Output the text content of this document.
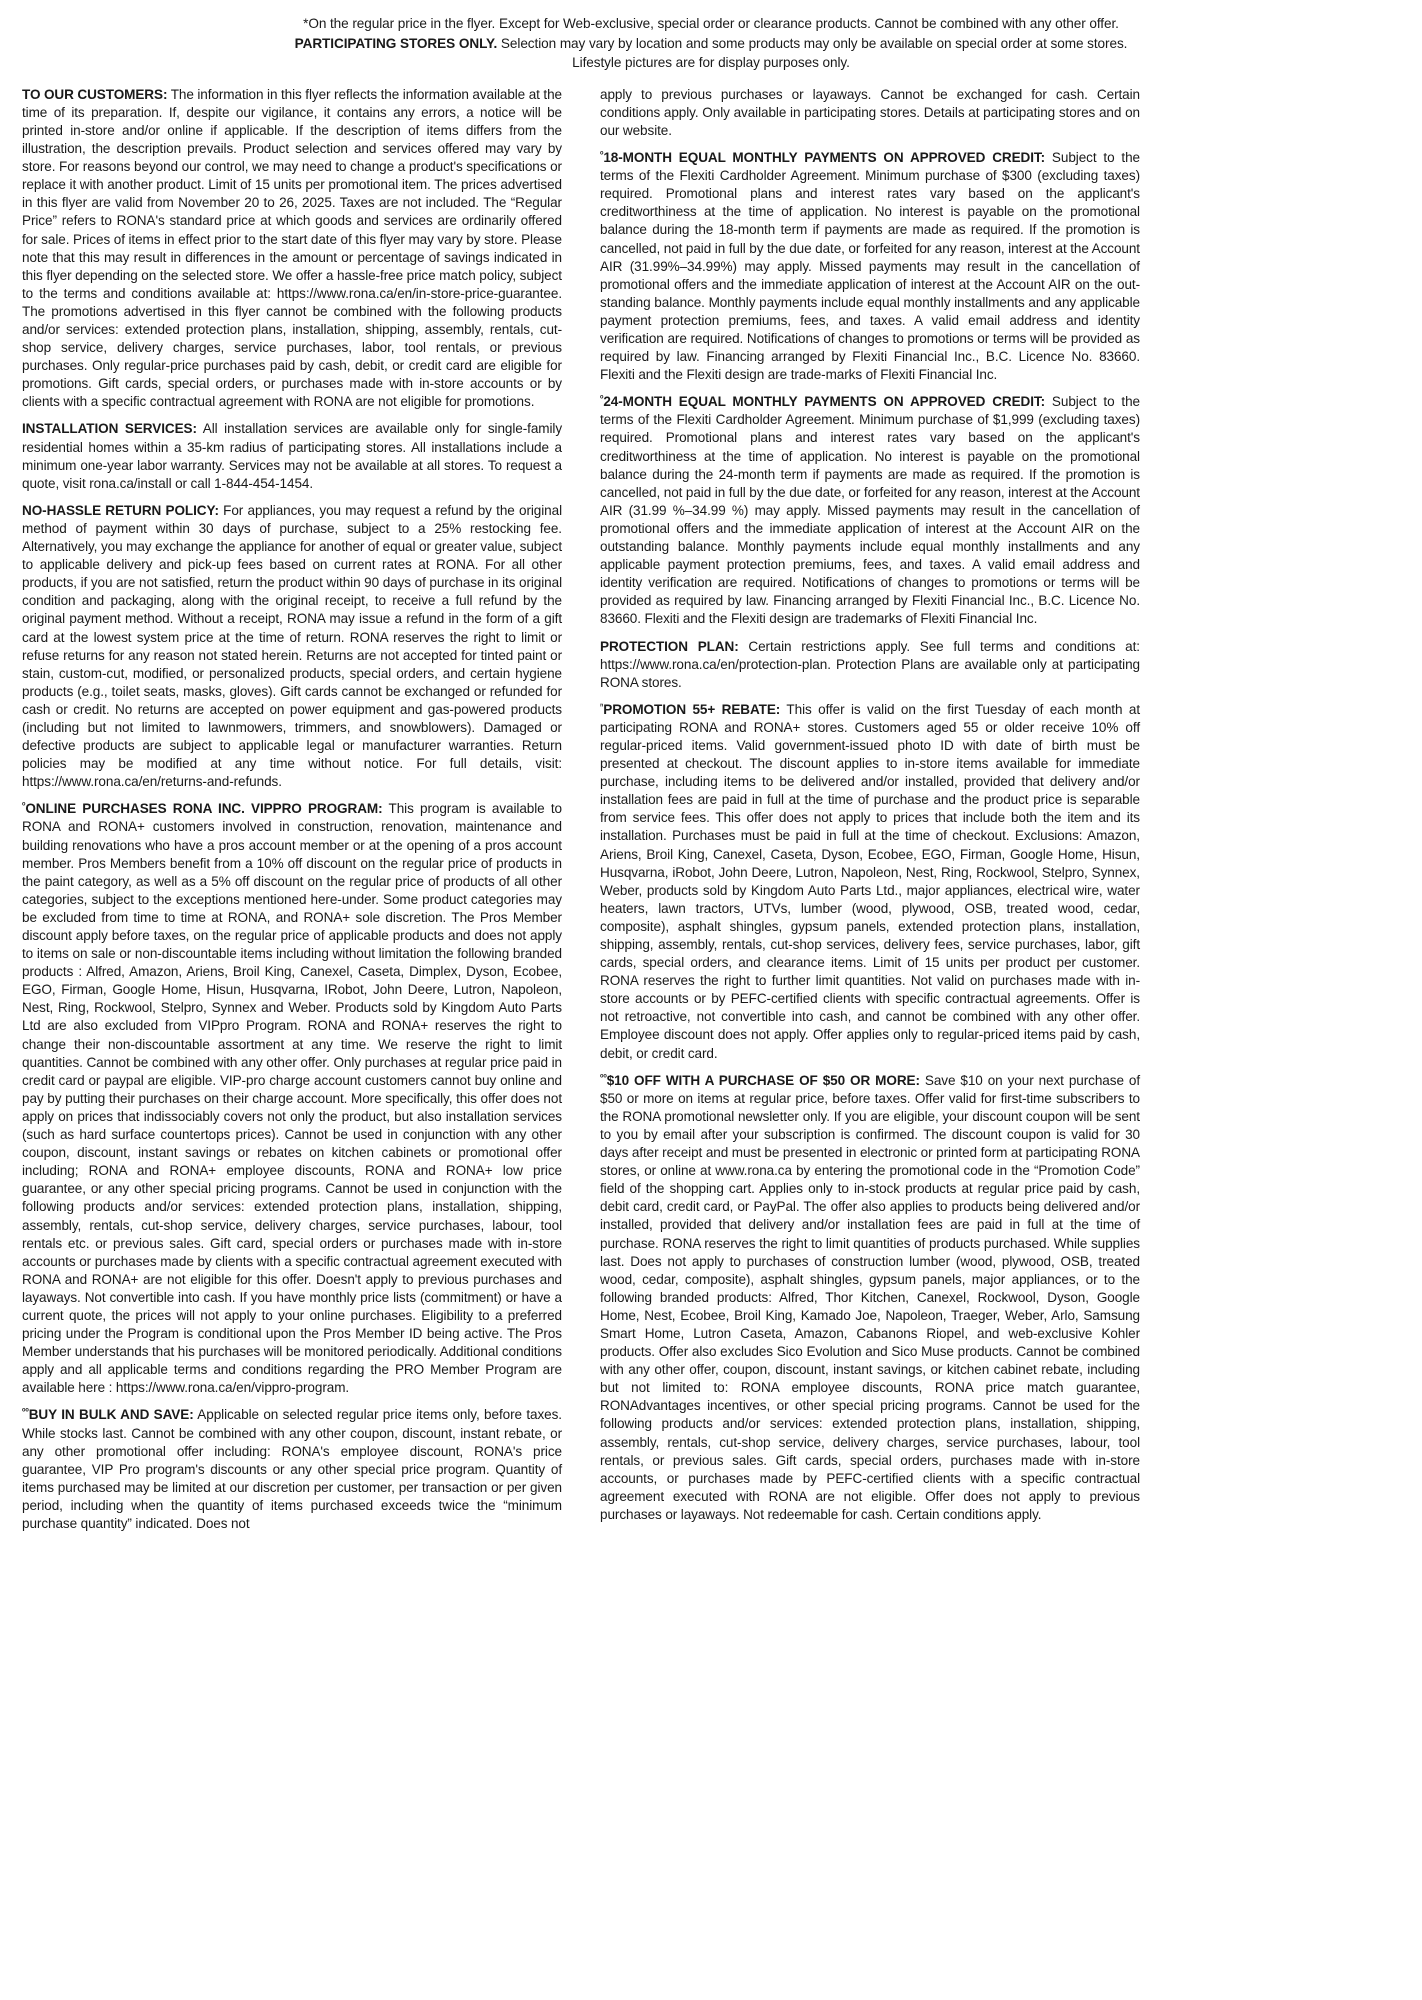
*On the regular price in the flyer. Except for Web-exclusive, special order or clearance products. Cannot be combined with any other offer.

PARTICIPATING STORES ONLY. Selection may vary by location and some products may only be available on special order at some stores.

Lifestyle pictures are for display purposes only.

TO OUR CUSTOMERS: The information in this flyer reflects the information available at the time of its preparation. If, despite our vigilance, it contains any errors, a notice will be printed in-store and/or online if applicable. If the description of items differs from the illustration, the description prevails. Product selection and services offered may vary by store. For reasons beyond our control, we may need to change a product's specifications or replace it with another product. Limit of 15 units per promotional item. The prices advertised in this flyer are valid from November 20 to 26, 2025. Taxes are not included. The “Regular Price” refers to RONA's standard price at which goods and services are ordinarily offered for sale. Prices of items in effect prior to the start date of this flyer may vary by store. Please note that this may result in differences in the amount or percentage of savings indicated in this flyer depending on the selected store. We offer a hassle-free price match policy, subject to the terms and conditions available at: https://www.rona.ca/en/in-store-price-guarantee. The promotions advertised in this flyer cannot be combined with the following products and/or services: extended protection plans, installation, shipping, assembly, rentals, cut-shop service, delivery charges, service purchases, labor, tool rentals, or previous purchases. Only regular-price purchases paid by cash, debit, or credit card are eligible for promotions. Gift cards, special orders, or purchases made with in-store accounts or by clients with a specific contractual agreement with RONA are not eligible for promotions.

INSTALLATION SERVICES: All installation services are available only for single-family residential homes within a 35-km radius of participating stores. All installations include a minimum one-year labor warranty. Services may not be available at all stores. To request a quote, visit rona.ca/install or call 1-844-454-1454.

NO-HASSLE RETURN POLICY: For appliances, you may request a refund by the original method of payment within 30 days of purchase, subject to a 25% restocking fee. Alternatively, you may exchange the appliance for another of equal or greater value, subject to applicable delivery and pick-up fees based on current rates at RONA. For all other products, if you are not satisfied, return the product within 90 days of purchase in its original condition and packaging, along with the original receipt, to receive a full refund by the original payment method. Without a receipt, RONA may issue a refund in the form of a gift card at the lowest system price at the time of return. RONA reserves the right to limit or refuse returns for any reason not stated herein. Returns are not accepted for tinted paint or stain, custom-cut, modified, or personalized products, special orders, and certain hygiene products (e.g., toilet seats, masks, gloves). Gift cards cannot be exchanged or refunded for cash or credit. No returns are accepted on power equipment and gas-powered products (including but not limited to lawnmowers, trimmers, and snowblowers). Damaged or defective products are subject to applicable legal or manufacturer warranties. Return policies may be modified at any time without notice. For full details, visit: https://www.rona.ca/en/returns-and-refunds.

$^ᵒ$ONLINE PURCHASES RONA INC. VIPPRO PROGRAM: This program is available to RONA and RONA+ customers involved in construction, renovation, maintenance and building renovations who have a pros account member or at the opening of a pros account member. Pros Members benefit from a 10% off discount on the regular price of products in the paint category, as well as a 5% off discount on the regular price of products of all other categories, subject to the exceptions mentioned here-under. Some product categories may be excluded from time to time at RONA, and RONA+ sole discretion. The Pros Member discount apply before taxes, on the regular price of applicable products and does not apply to items on sale or non-discountable items including without limitation the following branded products : Alfred, Amazon, Ariens, Broil King, Canexel, Caseta, Dimplex, Dyson, Ecobee, EGO, Firman, Google Home, Hisun, Husqvarna, IRobot, John Deere, Lutron, Napoleon, Nest, Ring, Rockwool, Stelpro, Synnex and Weber. Products sold by Kingdom Auto Parts Ltd are also excluded from VIPpro Program. RONA and RONA+ reserves the right to change their non-discountable assortment at any time. We reserve the right to limit quantities. Cannot be combined with any other offer. Only purchases at regular price paid in credit card or paypal are eligible. VIP-pro charge account customers cannot buy online and pay by putting their purchases on their charge account. More specifically, this offer does not apply on prices that indissociably covers not only the product, but also installation services (such as hard surface countertops prices). Cannot be used in conjunction with any other coupon, discount, instant savings or rebates on kitchen cabinets or promotional offer including; RONA and RONA+ employee discounts, RONA and RONA+ low price guarantee, or any other special pricing programs. Cannot be used in conjunction with the following products and/or services: extended protection plans, installation, shipping, assembly, rentals, cut-shop service, delivery charges, service purchases, labour, tool rentals etc. or previous sales. Gift card, special orders or purchases made with in-store accounts or purchases made by clients with a specific contractual agreement executed with RONA and RONA+ are not eligible for this offer. Doesn't apply to previous purchases and layaways. Not convertible into cash. If you have monthly price lists (commitment) or have a current quote, the prices will not apply to your online purchases. Eligibility to a preferred pricing under the Program is conditional upon the Pros Member ID being active. The Pros Member understands that his purchases will be monitored periodically. Additional conditions apply and all applicable terms and conditions regarding the PRO Member Program are available here : https://www.rona.ca/en/vippro-program.

$^{ᵒᵒ}$BUY IN BULK AND SAVE: Applicable on selected regular price items only, before taxes. While stocks last. Cannot be combined with any other coupon, discount, instant rebate, or any other promotional offer including: RONA's employee discount, RONA's price guarantee, VIP Pro program's discounts or any other special price program. Quantity of items purchased may be limited at our discretion per customer, per transaction or per given period, including when the quantity of items purchased exceeds twice the “minimum purchase quantity” indicated. Does not

apply to previous purchases or layaways. Cannot be exchanged for cash. Certain conditions apply. Only available in participating stores. Details at participating stores and on our website.

$^ᵒ$18-MONTH EQUAL MONTHLY PAYMENTS ON APPROVED CREDIT: Subject to the terms of the Flexiti Cardholder Agreement. Minimum purchase of $300 (excluding taxes) required. Promotional plans and interest rates vary based on the applicant's creditworthiness at the time of application. No interest is payable on the promotional balance during the 18-month term if payments are made as required. If the promotion is cancelled, not paid in full by the due date, or forfeited for any reason, interest at the Account AIR (31.99%–34.99%) may apply. Missed payments may result in the cancellation of promotional offers and the immediate application of interest at the Account AIR on the out-standing balance. Monthly payments include equal monthly installments and any applicable payment protection premiums, fees, and taxes. A valid email address and identity verification are required. Notifications of changes to promotions or terms will be provided as required by law. Financing arranged by Flexiti Financial Inc., B.C. Licence No. 83660. Flexiti and the Flexiti design are trade-marks of Flexiti Financial Inc.

$^ᵒ$24-MONTH EQUAL MONTHLY PAYMENTS ON APPROVED CREDIT: Subject to the terms of the Flexiti Cardholder Agreement. Minimum purchase of $1,999 (excluding taxes) required. Promotional plans and interest rates vary based on the applicant's creditworthiness at the time of application. No interest is payable on the promotional balance during the 24-month term if payments are made as required. If the promotion is cancelled, not paid in full by the due date, or forfeited for any reason, interest at the Account AIR (31.99 %–34.99 %) may apply. Missed payments may result in the cancellation of promotional offers and the immediate application of interest at the Account AIR on the outstanding balance. Monthly payments include equal monthly installments and any applicable payment protection premiums, fees, and taxes. A valid email address and identity verification are required. Notifications of changes to promotions or terms will be provided as required by law. Financing arranged by Flexiti Financial Inc., B.C. Licence No. 83660. Flexiti and the Flexiti design are trademarks of Flexiti Financial Inc.

PROTECTION PLAN: Certain restrictions apply. See full terms and conditions at: https://www.rona.ca/en/protection-plan. Protection Plans are available only at participating RONA stores.

$^{^n}$PROMOTION 55+ REBATE: This offer is valid on the first Tuesday of each month at participating RONA and RONA+ stores. Customers aged 55 or older receive 10% off regular-priced items. Valid government-issued photo ID with date of birth must be presented at checkout. The discount applies to in-store items available for immediate purchase, including items to be delivered and/or installed, provided that delivery and/or installation fees are paid in full at the time of purchase and the product price is separable from service fees. This offer does not apply to prices that include both the item and its installation. Purchases must be paid in full at the time of checkout. Exclusions: Amazon, Ariens, Broil King, Canexel, Caseta, Dyson, Ecobee, EGO, Firman, Google Home, Hisun, Husqvarna, iRobot, John Deere, Lutron, Napoleon, Nest, Ring, Rockwool, Stelpro, Synnex, Weber, products sold by Kingdom Auto Parts Ltd., major appliances, electrical wire, water heaters, lawn tractors, UTVs, lumber (wood, plywood, OSB, treated wood, cedar, composite), asphalt shingles, gypsum panels, extended protection plans, installation, shipping, assembly, rentals, cut-shop services, delivery fees, service purchases, labor, gift cards, special orders, and clearance items. Limit of 15 units per product per customer. RONA reserves the right to further limit quantities. Not valid on purchases made with in-store accounts or by PEFC-certified clients with specific contractual agreements. Offer is not retroactive, not convertible into cash, and cannot be combined with any other offer. Employee discount does not apply. Offer applies only to regular-priced items paid by cash, debit, or credit card.

$^{ᵒᵒ}$\$10 OFF WITH A PURCHASE OF $50 OR MORE: Save $10 on your next purchase of $50 or more on items at regular price, before taxes. Offer valid for first-time subscribers to the RONA promotional newsletter only. If you are eligible, your discount coupon will be sent to you by email after your subscription is confirmed. The discount coupon is valid for 30 days after receipt and must be presented in electronic or printed form at participating RONA stores, or online at www.rona.ca by entering the promotional code in the “Promotion Code” field of the shopping cart. Applies only to in-stock products at regular price paid by cash, debit card, credit card, or PayPal. The offer also applies to products being delivered and/or installed, provided that delivery and/or installation fees are paid in full at the time of purchase. RONA reserves the right to limit quantities of products purchased. While supplies last. Does not apply to purchases of construction lumber (wood, plywood, OSB, treated wood, cedar, composite), asphalt shingles, gypsum panels, major appliances, or to the following branded products: Alfred, Thor Kitchen, Canexel, Rockwool, Dyson, Google Home, Nest, Ecobee, Broil King, Kamado Joe, Napoleon, Traeger, Weber, Arlo, Samsung Smart Home, Lutron Caseta, Amazon, Cabanons Riopel, and web-exclusive Kohler products. Offer also excludes Sico Evolution and Sico Muse products. Cannot be combined with any other offer, coupon, discount, instant savings, or kitchen cabinet rebate, including but not limited to: RONA employee discounts, RONA price match guarantee, RONAdvantages incentives, or other special pricing programs. Cannot be used for the following products and/or services: extended protection plans, installation, shipping, assembly, rentals, cut-shop service, delivery charges, service purchases, labour, tool rentals, or previous sales. Gift cards, special orders, purchases made with in-store accounts, or purchases made by PEFC-certified clients with a specific contractual agreement executed with RONA are not eligible. Offer does not apply to previous purchases or layaways. Not redeemable for cash. Certain conditions apply.
